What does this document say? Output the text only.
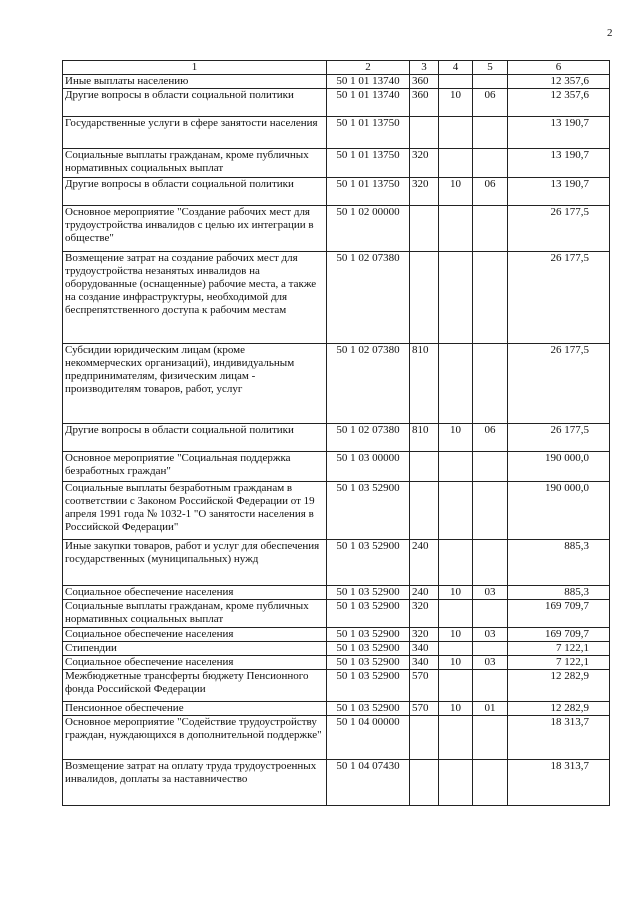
2
1	2	3	4	5	6
Иные выплаты населению	50 1 01 13740	360			12 357,6
Другие вопросы в области социальной политики	50 1 01 13740	360	10	06	12 357,6
Государственные услуги в сфере занятости населения	50 1 01 13750				13 190,7
Социальные выплаты гражданам, кроме публичных нормативных социальных выплат	50 1 01 13750	320			13 190,7
Другие вопросы в области социальной политики	50 1 01 13750	320	10	06	13 190,7
Основное мероприятие "Создание рабочих мест для трудоустройства инвалидов с целью их интеграции в обществе"	50 1 02 00000				26 177,5
Возмещение затрат на создание рабочих мест для трудоустройства незанятых инвалидов на оборудованные (оснащенные) рабочие места, а также на создание инфраструктуры, необходимой для беспрепятственного доступа к рабочим местам	50 1 02 07380				26 177,5
Субсидии юридическим лицам (кроме некоммерческих организаций), индивидуальным предпринимателям, физическим лицам - производителям товаров, работ, услуг	50 1 02 07380	810			26 177,5
Другие вопросы в области социальной политики	50 1 02 07380	810	10	06	26 177,5
Основное мероприятие "Социальная поддержка безработных граждан"	50 1 03 00000				190 000,0
Социальные выплаты безработным гражданам в соответствии с Законом Российской Федерации от 19 апреля 1991 года № 1032-1 "О занятости населения в Российской Федерации"	50 1 03 52900				190 000,0
Иные закупки товаров, работ и услуг для обеспечения государственных (муниципальных) нужд	50 1 03 52900	240			885,3
Социальное обеспечение населения	50 1 03 52900	240	10	03	885,3
Социальные выплаты гражданам, кроме публичных нормативных социальных выплат	50 1 03 52900	320			169 709,7
Социальное обеспечение населения	50 1 03 52900	320	10	03	169 709,7
Стипендии	50 1 03 52900	340			7 122,1
Социальное обеспечение населения	50 1 03 52900	340	10	03	7 122,1
Межбюджетные трансферты бюджету Пенсионного фонда Российской Федерации	50 1 03 52900	570			12 282,9
Пенсионное обеспечение	50 1 03 52900	570	10	01	12 282,9
Основное мероприятие "Содействие трудоустройству граждан, нуждающихся в дополнительной поддержке"	50 1 04 00000				18 313,7
Возмещение затрат на оплату труда трудоустроенных инвалидов, доплаты за наставничество	50 1 04 07430				18 313,7
